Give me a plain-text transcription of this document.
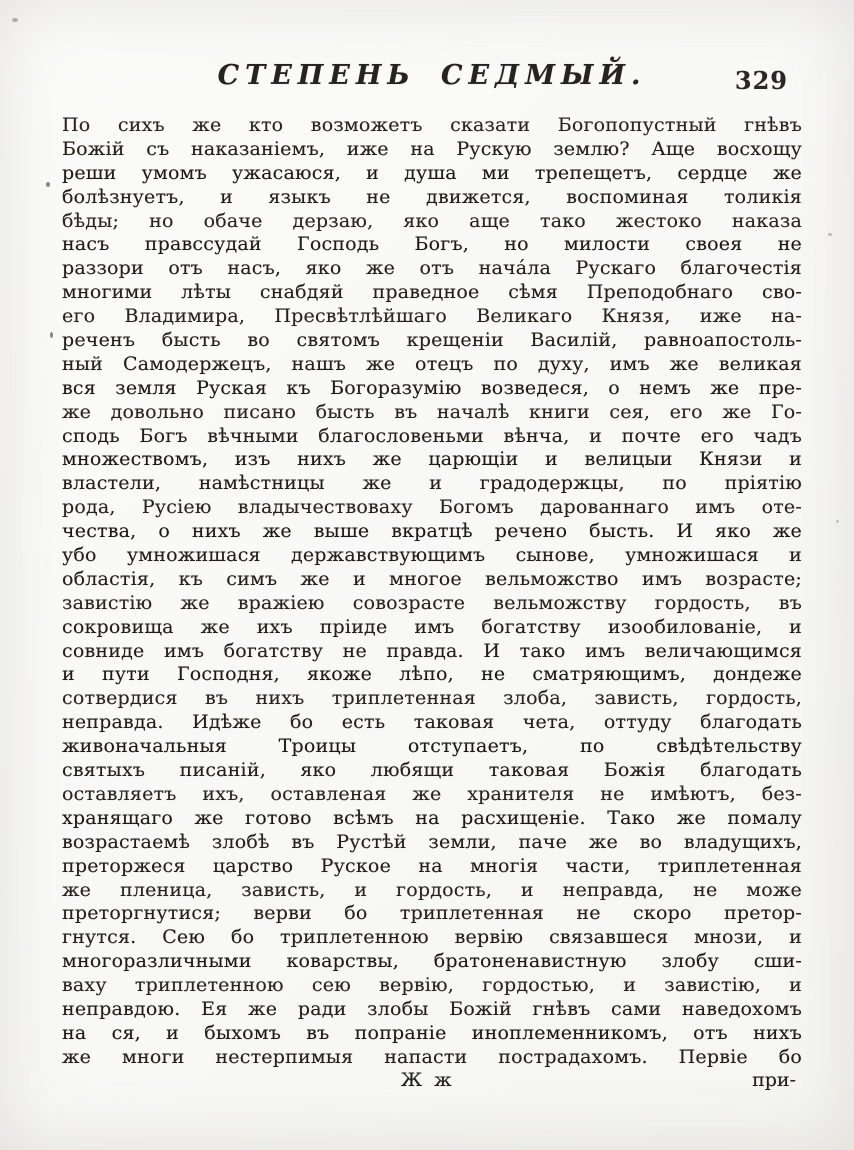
СТЕПЕНЬ СЕДМЫЙ.	329
По сихъ же кто возможетъ сказати Богопопустный гнѣвъ
Божій съ наказаніемъ, иже на Рускую землю? Аще восхощу
реши умомъ ужасаюся, и душа ми трепещетъ, сердце же
болѣзнуетъ, и языкъ не движется, воспоминая толикія
бѣды; но обаче дерзаю, яко аще тако жестоко наказа
насъ правссудай Господь Богъ, но милости своея не
раззори отъ насъ, яко же отъ нача́ла Рускаго благочестія
многими лѣты снабдяй праведное сѣмя Преподобнаго сво-
его Владимира, Пресвѣтлѣйшаго Великаго Князя, иже на-
реченъ бысть во святомъ крещеніи Василій, равноапостоль-
ный Самодержецъ, нашъ же отецъ по духу, имъ же великая
вся земля Руская къ Богоразумію возведеся, о немъ же пре-
же довольно писано бысть въ началѣ книги сея, его же Го-
сподь Богъ вѣчными благословеньми вѣнча, и почте его чадъ
множествомъ, изъ нихъ же царющіи и велицыи Князи и
властели, намѣстницы же и градодержцы, по пріятію
рода, Русіею владычествоваху Богомъ дарованнаго имъ оте-
чества, о нихъ же выше вкратцѣ речено бысть. И яко же
убо умножишася державствующимъ сынове, умножишася и
областія, къ симъ же и многое вельможство имъ возрасте;
завистію же вражіею совозрасте вельможству гордость, въ
сокровища же ихъ пріиде имъ богатству изообилованіе, и
совниде имъ богатству не правда. И тако имъ величающимся
и пути Господня, якоже лѣпо, не сматряющимъ, дондеже
сотвердися въ нихъ триплетенная злоба, зависть, гордость,
неправда. Идѣже бо есть таковая чета, оттуду благодать
живоначальныя Троицы отступаетъ, по свѣдѣтельству
святыхъ писаній, яко любящи таковая Божія благодать
оставляетъ ихъ, оставленая же хранителя не имѣютъ, без-
хранящаго же готово всѣмъ на расхищеніе. Тако же помалу
возрастаемѣ злобѣ въ Рустѣй земли, паче же во владущихъ,
преторжеся царство Руское на многія части, триплетенная
же пленица, зависть, и гордость, и неправда, не може
преторгнутися; верви бо триплетенная не скоро претор-
гнутся. Сею бо триплетенною вервію связавшеся мнози, и
многоразличными коварствы, братоненавистную злобу сши-
ваху триплетенною сею вервію, гордостью, и завистію, и
неправдою. Ея же ради злобы Божій гнѣвъ сами наведохомъ
на ся, и быхомъ въ попраніе иноплеменникомъ, отъ нихъ
же многи нестерпимыя напасти пострадахомъ. Первіе бо
Ж ж	при-
